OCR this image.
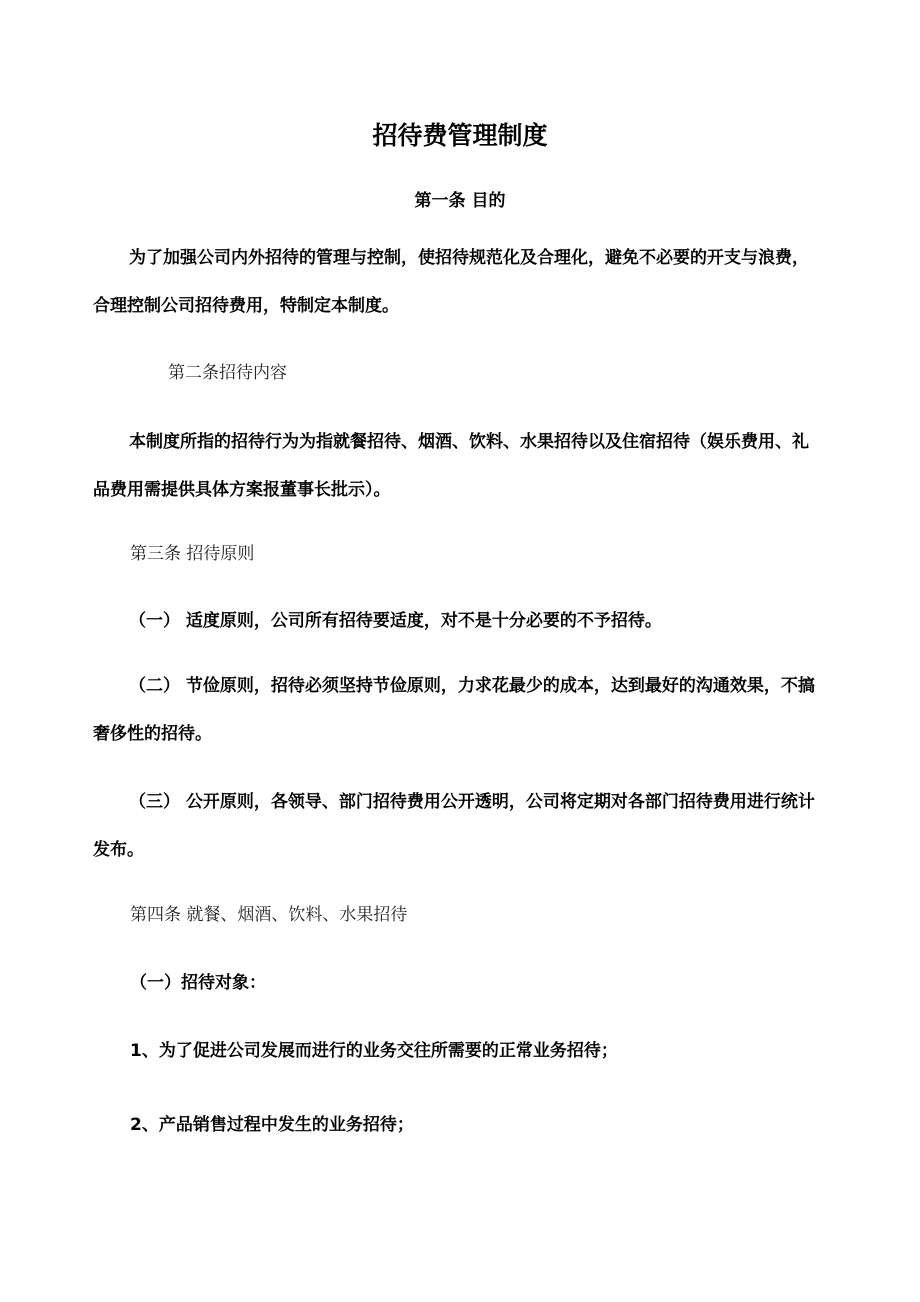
招待费管理制度
第一条 目的
为了加强公司内外招待的管理与控制，使招待规范化及合理化，避免不必要的开支与浪费，合理控制公司招待费用，特制定本制度。
第二条招待内容
本制度所指的招待行为为指就餐招待、烟酒、饮料、水果招待以及住宿招待（娱乐费用、礼品费用需提供具体方案报董事长批示）。
第三条 招待原则
（一） 适度原则，公司所有招待要适度，对不是十分必要的不予招待。
（二） 节俭原则，招待必须坚持节俭原则，力求花最少的成本，达到最好的沟通效果，不搞奢侈性的招待。
（三） 公开原则，各领导、部门招待费用公开透明，公司将定期对各部门招待费用进行统计发布。
第四条 就餐、烟酒、饮料、水果招待
（一）招待对象：
1、为了促进公司发展而进行的业务交往所需要的正常业务招待；
2、产品销售过程中发生的业务招待；
